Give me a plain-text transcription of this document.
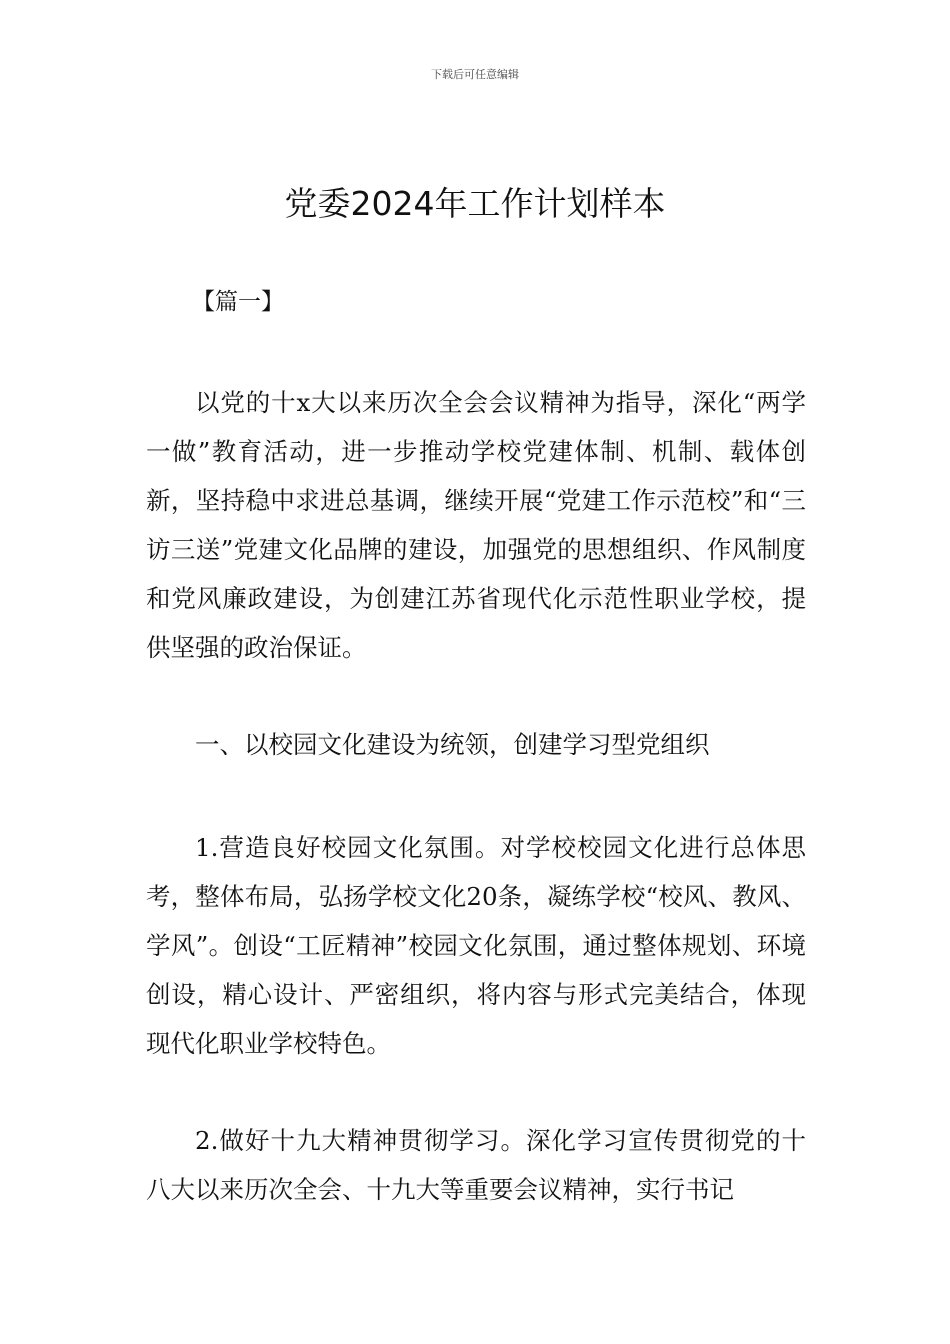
下载后可任意编辑
党委2024年工作计划样本
【篇一】

以党的十x大以来历次全会会议精神为指导，深化“两学一做”教育活动，进一步推动学校党建体制、机制、载体创新，坚持稳中求进总基调，继续开展“党建工作示范校”和“三访三送”党建文化品牌的建设，加强党的思想组织、作风制度和党风廉政建设，为创建江苏省现代化示范性职业学校，提供坚强的政治保证。

一、以校园文化建设为统领，创建学习型党组织

1.营造良好校园文化氛围。对学校校园文化进行总体思考，整体布局，弘扬学校文化20条，凝练学校“校风、教风、学风”。创设“工匠精神”校园文化氛围，通过整体规划、环境创设，精心设计、严密组织，将内容与形式完美结合，体现现代化职业学校特色。

2.做好十九大精神贯彻学习。深化学习宣传贯彻党的十八大以来历次全会、十九大等重要会议精神，实行书记
